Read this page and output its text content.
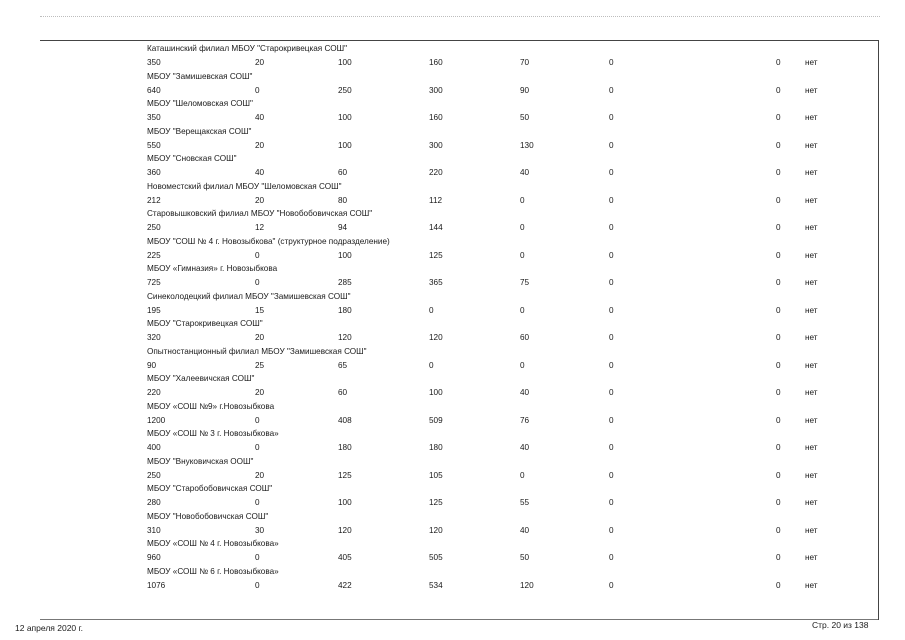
Каташинский филиал МБОУ "Старокривецкая СОШ"
350	20	100	160	70	0	0	нет
МБОУ "Замишевская СОШ"
640	0	250	300	90	0	0	нет
МБОУ "Шеломовская СОШ"
350	40	100	160	50	0	0	нет
МБОУ "Верещакская СОШ"
550	20	100	300	130	0	0	нет
МБОУ "Сновская СОШ"
360	40	60	220	40	0	0	нет
Новоместский филиал МБОУ "Шеломовская СОШ"
212	20	80	112	0	0	0	нет
Старовышковский филиал МБОУ "Новобобовичская СОШ"
250	12	94	144	0	0	0	нет
МБОУ "СОШ № 4 г. Новозыбкова" (структурное подразделение)
225	0	100	125	0	0	0	нет
МБОУ «Гимназия» г. Новозыбкова
725	0	285	365	75	0	0	нет
Синеколодецкий филиал МБОУ "Замишевская СОШ"
195	15	180	0	0	0	0	нет
МБОУ "Старокривецкая СОШ"
320	20	120	120	60	0	0	нет
Опытностанционный филиал МБОУ "Замишевская СОШ"
90	25	65	0	0	0	0	нет
МБОУ "Халеевичская СОШ"
220	20	60	100	40	0	0	нет
МБОУ «СОШ №9» г.Новозыбкова
1200	0	408	509	76	0	0	нет
МБОУ «СОШ № 3 г. Новозыбкова»
400	0	180	180	40	0	0	нет
МБОУ "Внуковичская ООШ"
250	20	125	105	0	0	0	нет
МБОУ "Старобобовичская СОШ"
280	0	100	125	55	0	0	нет
МБОУ "Новобобовичская СОШ"
310	30	120	120	40	0	0	нет
МБОУ «СОШ № 4 г. Новозыбкова»
960	0	405	505	50	0	0	нет
МБОУ «СОШ № 6 г. Новозыбкова»
1076	0	422	534	120	0	0	нет
12 апреля 2020 г.	Стр. 20 из 138
